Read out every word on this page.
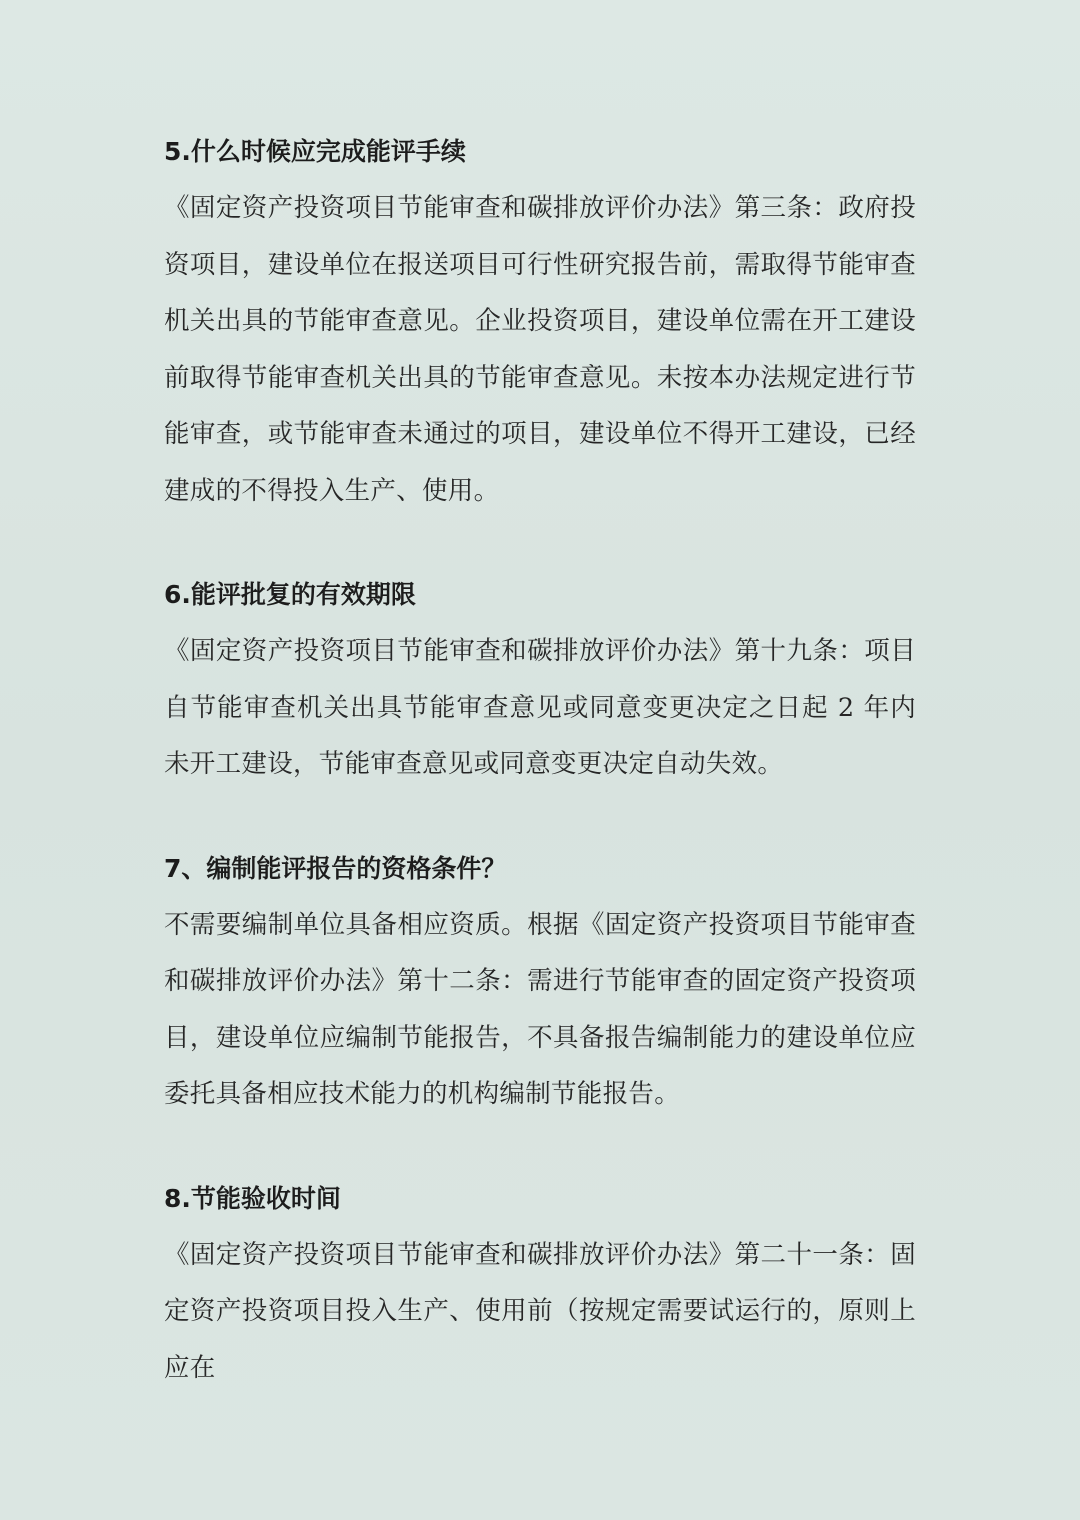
5.什么时候应完成能评手续

《固定资产投资项目节能审查和碳排放评价办法》第三条：政府投资项目，建设单位在报送项目可行性研究报告前，需取得节能审查机关出具的节能审查意见。企业投资项目，建设单位需在开工建设前取得节能审查机关出具的节能审查意见。未按本办法规定进行节能审查，或节能审查未通过的项目，建设单位不得开工建设，已经建成的不得投入生产、使用。

6.能评批复的有效期限

《固定资产投资项目节能审查和碳排放评价办法》第十九条：项目自节能审查机关出具节能审查意见或同意变更决定之日起 2 年内未开工建设，节能审查意见或同意变更决定自动失效。

7、编制能评报告的资格条件？

不需要编制单位具备相应资质。根据《固定资产投资项目节能审查和碳排放评价办法》第十二条：需进行节能审查的固定资产投资项目，建设单位应编制节能报告，不具备报告编制能力的建设单位应委托具备相应技术能力的机构编制节能报告。

8.节能验收时间

《固定资产投资项目节能审查和碳排放评价办法》第二十一条：固定资产投资项目投入生产、使用前（按规定需要试运行的，原则上应在
